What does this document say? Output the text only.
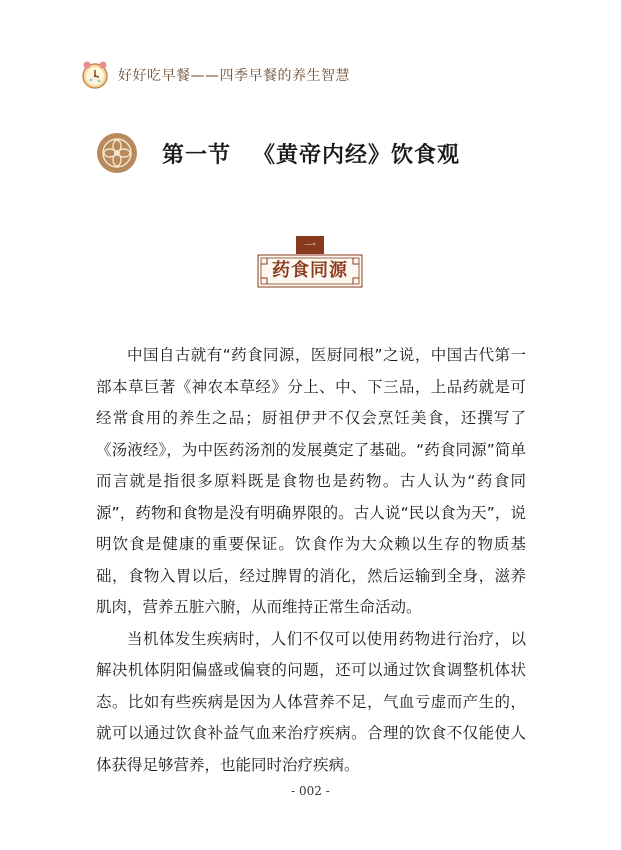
好好吃早餐——四季早餐的养生智慧
第一节 《黄帝内经》饮食观
一
药食同源

中国自古就有“药食同源，医厨同根”之说，中国古代第一部本草巨著《神农本草经》分上、中、下三品，上品药就是可经常食用的养生之品；厨祖伊尹不仅会烹饪美食，还撰写了《汤液经》，为中医药汤剂的发展奠定了基础。“药食同源”简单而言就是指很多原料既是食物也是药物。古人认为“药食同源”，药物和食物是没有明确界限的。古人说“民以食为天”，说明饮食是健康的重要保证。饮食作为大众赖以生存的物质基础，食物入胃以后，经过脾胃的消化，然后运输到全身，滋养肌肉，营养五脏六腑，从而维持正常生命活动。

当机体发生疾病时，人们不仅可以使用药物进行治疗，以解决机体阴阳偏盛或偏衰的问题，还可以通过饮食调整机体状态。比如有些疾病是因为人体营养不足，气血亏虚而产生的，就可以通过饮食补益气血来治疗疾病。合理的饮食不仅能使人体获得足够营养，也能同时治疗疾病。

- 002 -
